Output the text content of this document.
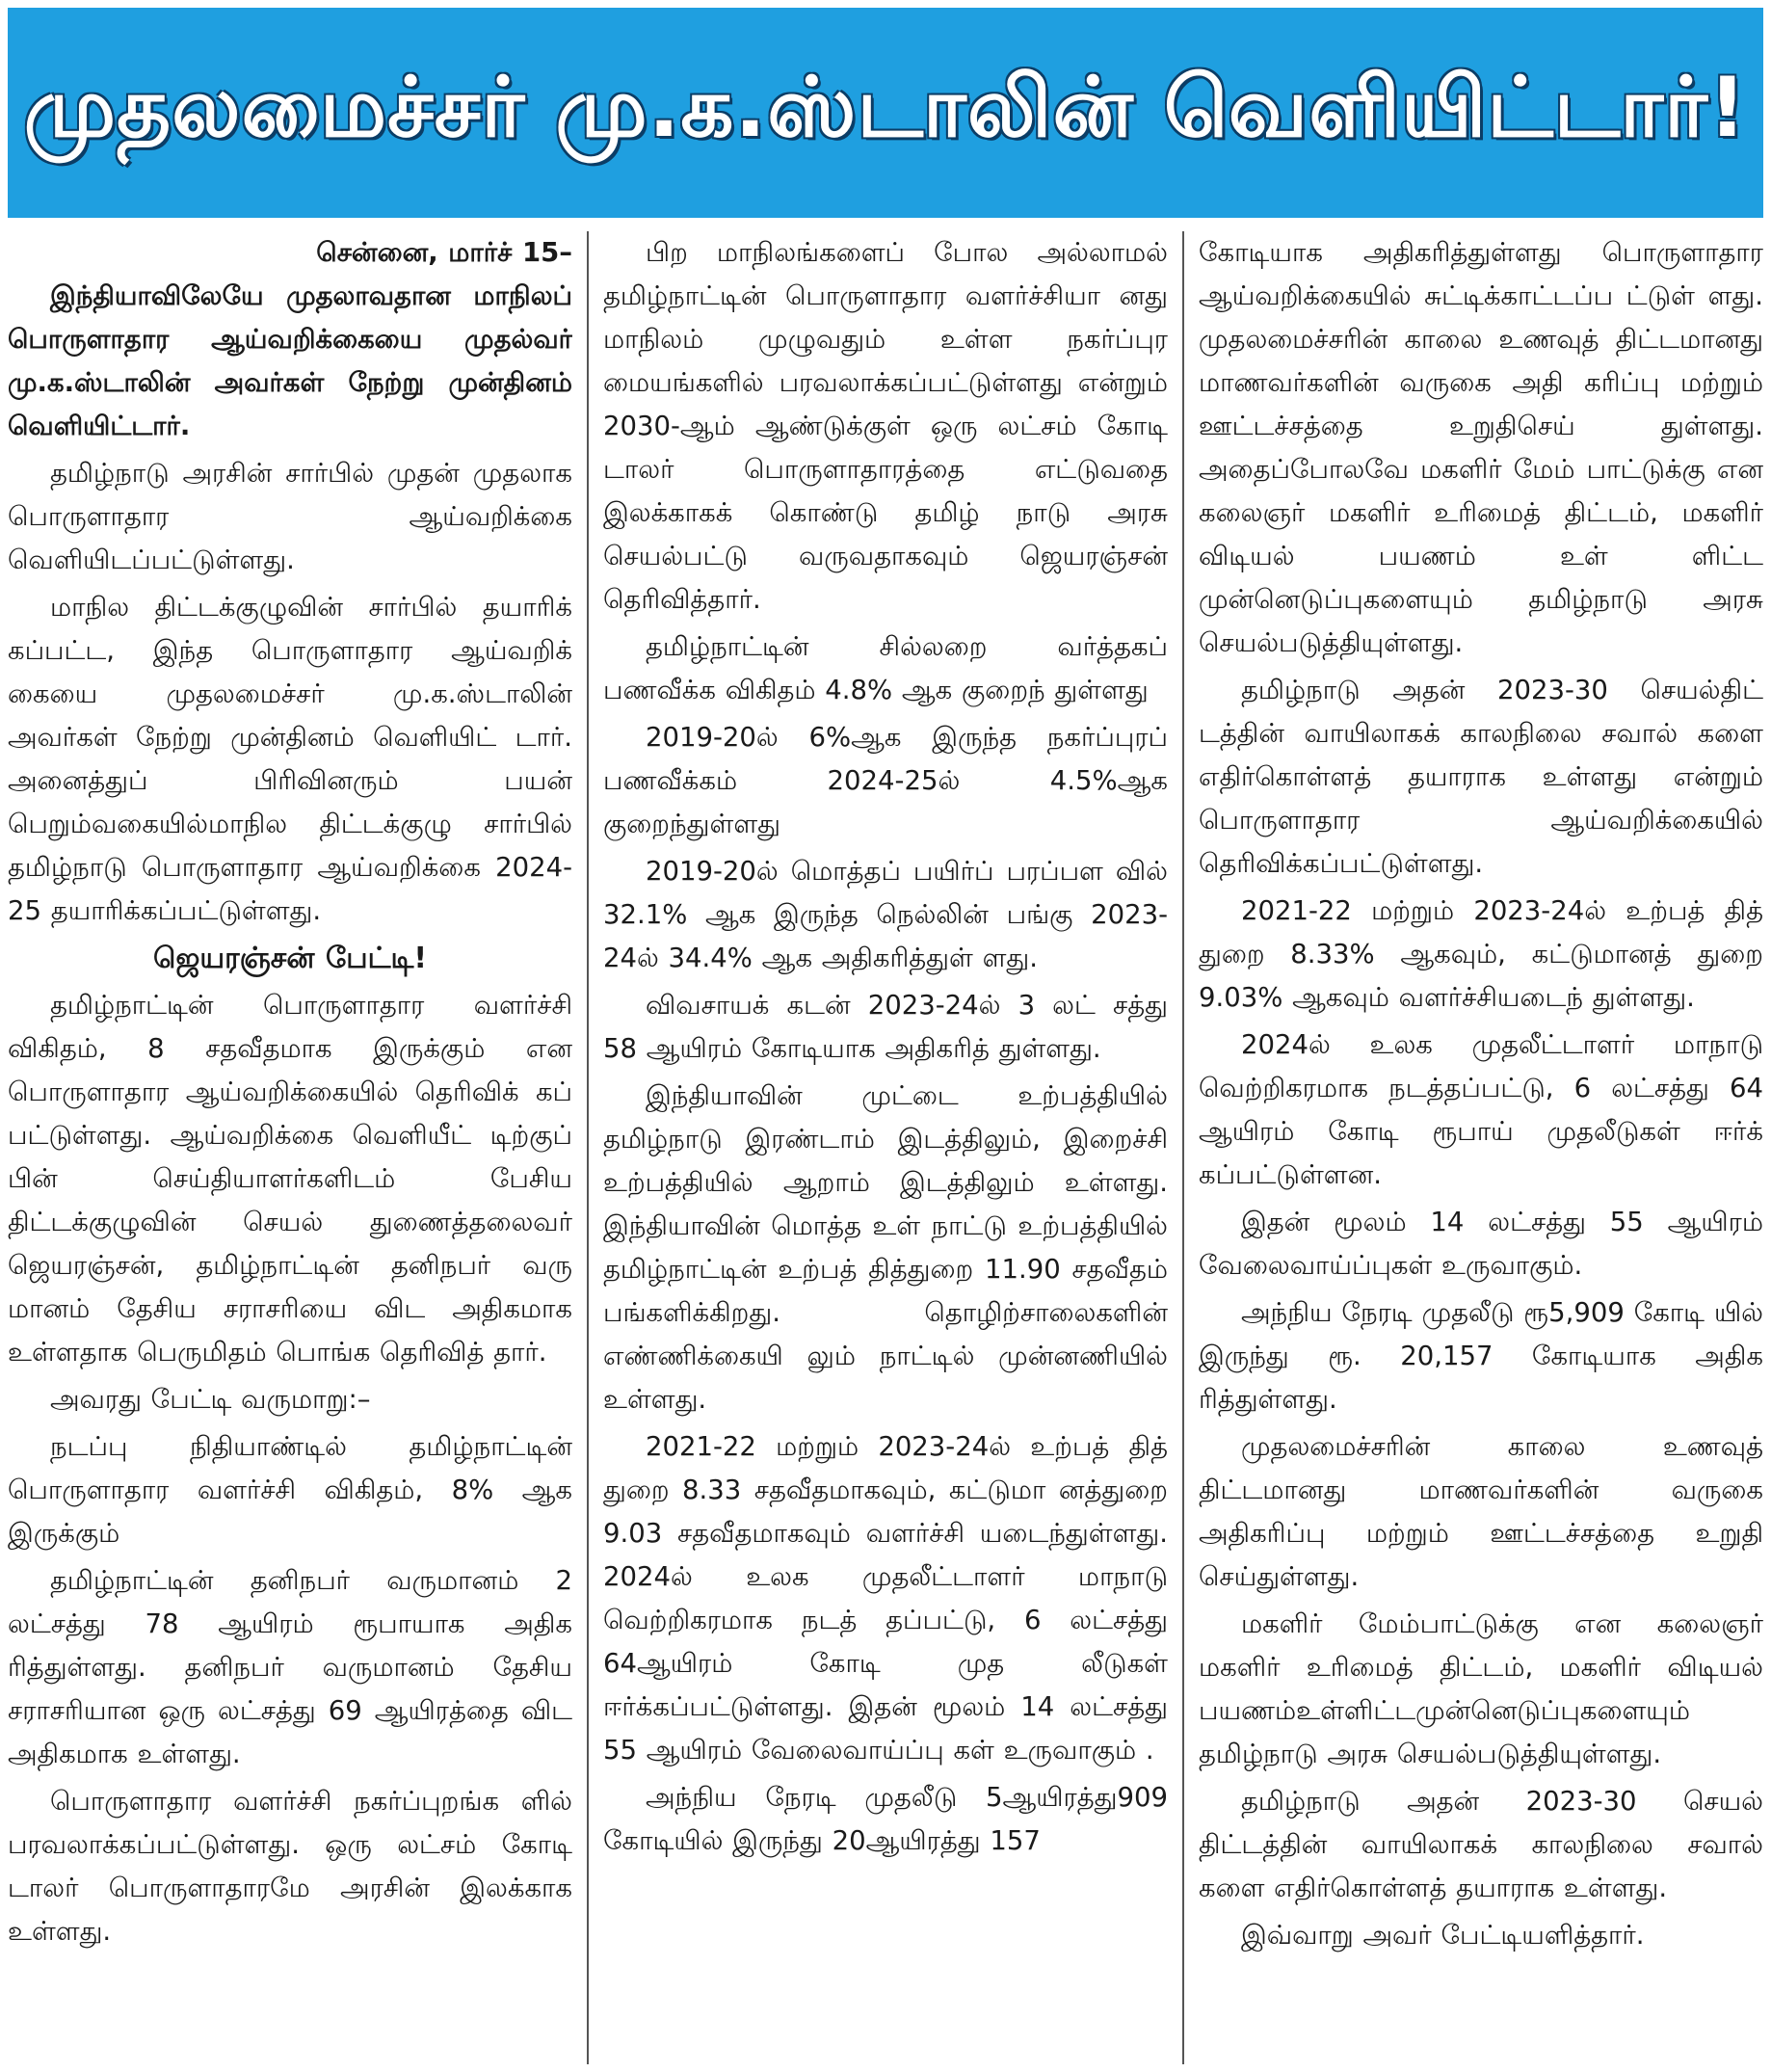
முதலமைச்சர் மு.க.ஸ்டாலின் வெளியிட்டார்!

சென்னை, மார்ச் 15–

இந்தியாவிலேயே முதலாவதான மாநிலப் பொருளாதார ஆய்வறிக்கையை முதல்வர் மு.க.ஸ்டாலின் அவர்கள் நேற்று முன்தினம் வெளியிட்டார்.

தமிழ்நாடு அரசின் சார்பில் முதன் முதலாக பொருளாதார ஆய்வறிக்கை வெளியிடப்பட்டுள்ளது.

மாநில திட்டக்குழுவின் சார்பில் தயாரிக் கப்பட்ட, இந்த பொருளாதார ஆய்வறிக் கையை முதலமைச்சர் மு.க.ஸ்டாலின் அவர்கள் நேற்று முன்தினம் வெளியிட் டார். அனைத்துப் பிரிவினரும் பயன் பெறும்வகையில்மாநில திட்டக்குழு சார்பில் தமிழ்நாடு பொருளாதார ஆய்வறிக்கை 2024-25 தயாரிக்கப்பட்டுள்ளது.

ஜெயரஞ்சன் பேட்டி!

தமிழ்நாட்டின் பொருளாதார வளர்ச்சி விகிதம், 8 சதவீதமாக இருக்கும் என பொருளாதார ஆய்வறிக்கையில் தெரிவிக் கப் பட்டுள்ளது. ஆய்வறிக்கை வெளியீட் டிற்குப் பின் செய்தியாளர்களிடம் பேசிய திட்டக்குழுவின் செயல் துணைத்தலைவர் ஜெயரஞ்சன், தமிழ்நாட்டின் தனிநபர் வரு மானம் தேசிய சராசரியை விட அதிகமாக உள்ளதாக பெருமிதம் பொங்க தெரிவித் தார்.

அவரது பேட்டி வருமாறு:–

நடப்பு நிதியாண்டில் தமிழ்நாட்டின் பொருளாதார வளர்ச்சி விகிதம், 8% ஆக இருக்கும்

தமிழ்நாட்டின் தனிநபர் வருமானம் 2 லட்சத்து 78 ஆயிரம் ரூபாயாக அதிக ரித்துள்ளது. தனிநபர் வருமானம் தேசிய சராசரியான ஒரு லட்சத்து 69 ஆயிரத்தை விட அதிகமாக உள்ளது.

பொருளாதார வளர்ச்சி நகர்ப்புறங்க ளில் பரவலாக்கப்பட்டுள்ளது. ஒரு லட்சம் கோடி டாலர் பொருளாதாரமே அரசின் இலக்காக உள்ளது.

பிற மாநிலங்களைப் போல அல்லாமல் தமிழ்நாட்டின் பொருளாதார வளர்ச்சியா னது மாநிலம் முழுவதும் உள்ள நகர்ப்புர மையங்களில் பரவலாக்கப்பட்டுள்ளது என்றும் 2030-ஆம் ஆண்டுக்குள் ஒரு லட்சம் கோடி டாலர் பொருளாதாரத்தை எட்டுவதை இலக்காகக் கொண்டு தமிழ் நாடு அரசு செயல்பட்டு வருவதாகவும் ஜெயரஞ்சன் தெரிவித்தார்.

தமிழ்நாட்டின் சில்லறை வர்த்தகப் பணவீக்க விகிதம் 4.8% ஆக குறைந் துள்ளது

2019-20ல் 6%ஆக இருந்த நகர்ப்புரப் பணவீக்கம் 2024-25ல் 4.5%ஆக குறைந்துள்ளது

2019-20ல் மொத்தப் பயிர்ப் பரப்பள வில் 32.1% ஆக இருந்த நெல்லின் பங்கு 2023-24ல் 34.4% ஆக அதிகரித்துள் ளது.

விவசாயக் கடன் 2023-24ல் 3 லட் சத்து 58 ஆயிரம் கோடியாக அதிகரித் துள்ளது.

இந்தியாவின் முட்டை உற்பத்தியில் தமிழ்நாடு இரண்டாம் இடத்திலும், இறைச்சி உற்பத்தியில் ஆறாம் இடத்திலும் உள்ளது. இந்தியாவின் மொத்த உள் நாட்டு உற்பத்தியில் தமிழ்நாட்டின் உற்பத் தித்துறை 11.90 சதவீதம் பங்களிக்கிறது. தொழிற்சாலைகளின் எண்ணிக்கையி லும் நாட்டில் முன்னணியில் உள்ளது.

2021-22 மற்றும் 2023-24ல் உற்பத் தித் துறை 8.33 சதவீதமாகவும், கட்டுமா னத்துறை 9.03 சதவீதமாகவும் வளர்ச்சி யடைந்துள்ளது. 2024ல் உலக முதலீட்டாளர் மாநாடு வெற்றிகரமாக நடத் தப்பட்டு, 6 லட்சத்து 64ஆயிரம் கோடி முத லீடுகள் ஈர்க்கப்பட்டுள்ளது. இதன் மூலம் 14 லட்சத்து 55 ஆயிரம் வேலைவாய்ப்பு கள் உருவாகும் .

அந்நிய நேரடி முதலீடு 5ஆயிரத்து909 கோடியில் இருந்து 20ஆயிரத்து 157

கோடியாக அதிகரித்துள்ளது பொருளாதார ஆய்வறிக்கையில் சுட்டிக்காட்டப்ப ட்டுள் ளது. முதலமைச்சரின் காலை உணவுத் திட்டமானது மாணவர்களின் வருகை அதி கரிப்பு மற்றும் ஊட்டச்சத்தை உறுதிசெய் துள்ளது. அதைப்போலவே மகளிர் மேம் பாட்டுக்கு என கலைஞர் மகளிர் உரிமைத் திட்டம், மகளிர் விடியல் பயணம் உள் ளிட்ட முன்னெடுப்புகளையும் தமிழ்நாடு அரசு செயல்படுத்தியுள்ளது.

தமிழ்நாடு அதன் 2023-30 செயல்திட் டத்தின் வாயிலாகக் காலநிலை சவால் களை எதிர்கொள்ளத் தயாராக உள்ளது என்றும் பொருளாதார ஆய்வறிக்கையில் தெரிவிக்கப்பட்டுள்ளது.

2021-22 மற்றும் 2023-24ல் உற்பத் தித் துறை 8.33% ஆகவும், கட்டுமானத் துறை 9.03% ஆகவும் வளர்ச்சியடைந் துள்ளது.

2024ல் உலக முதலீட்டாளர் மாநாடு வெற்றிகரமாக நடத்தப்பட்டு, 6 லட்சத்து 64 ஆயிரம் கோடி ரூபாய் முதலீடுகள் ஈர்க் கப்பட்டுள்ளன.

இதன் மூலம் 14 லட்சத்து 55 ஆயிரம் வேலைவாய்ப்புகள் உருவாகும்.

அந்நிய நேரடி முதலீடு ரூ5,909 கோடி யில் இருந்து ரூ. 20,157 கோடியாக அதிக ரித்துள்ளது.

முதலமைச்சரின் காலை உணவுத் திட்டமானது மாணவர்களின் வருகை அதிகரிப்பு மற்றும் ஊட்டச்சத்தை உறுதி செய்துள்ளது.

மகளிர் மேம்பாட்டுக்கு என கலைஞர் மகளிர் உரிமைத் திட்டம், மகளிர் விடியல் பயணம்உள்ளிட்டமுன்னெடுப்புகளையும் தமிழ்நாடு அரசு செயல்படுத்தியுள்ளது.

தமிழ்நாடு அதன் 2023-30 செயல் திட்டத்தின் வாயிலாகக் காலநிலை சவால் களை எதிர்கொள்ளத் தயாராக உள்ளது.

இவ்வாறு அவர் பேட்டியளித்தார்.
